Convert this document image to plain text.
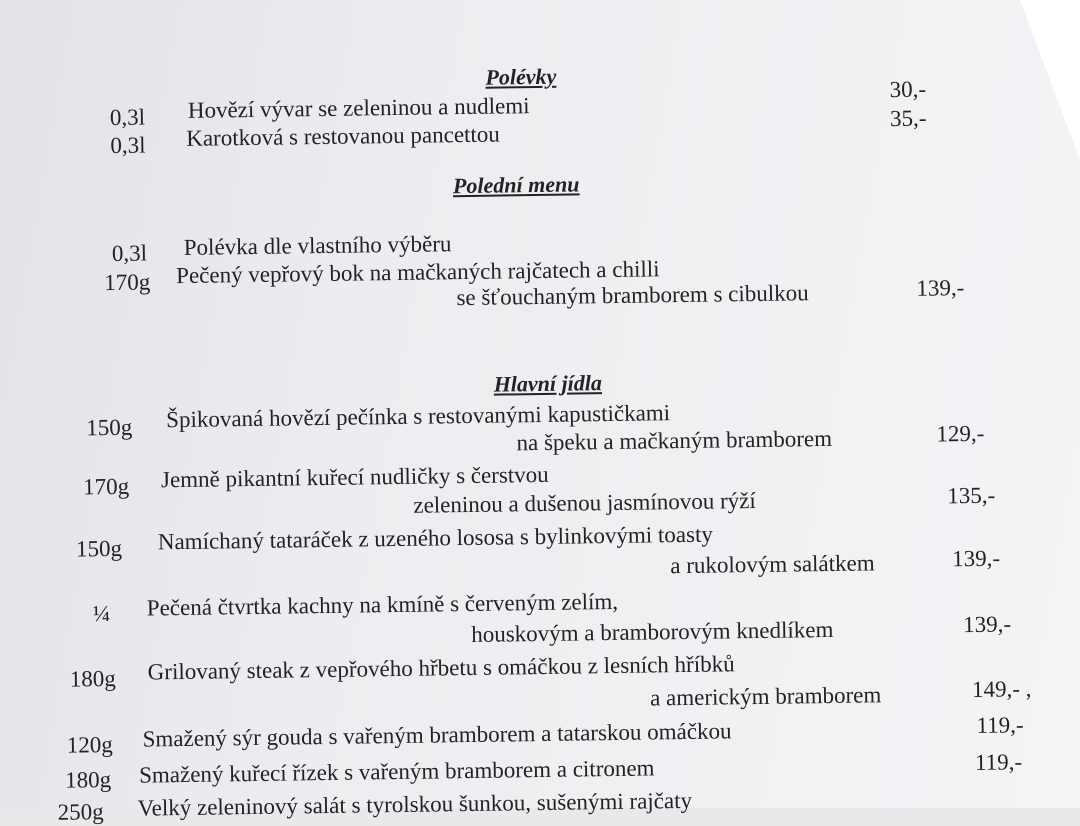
Polévky
0,3l Hovězí vývar se zeleninou a nudlemi
30,-
0,3l Karotková s restovanou pancettou
35,-
Polední menu
0,3l Polévka dle vlastního výběru
170g Pečený vepřový bok na mačkaných rajčatech a chilli
se šťouchaným bramborem s cibulkou	139,-
Hlavní jídla
150g Špikovaná hovězí pečínka s restovanými kapustičkami
na špeku a mačkaným bramborem	129,-
170g Jemně pikantní kuřecí nudličky s čerstvou
zeleninou a dušenou jasmínovou rýží	135,-
150g Namíchaný tataráček z uzeného lososa s bylinkovými toasty
a rukolovým salátkem	139,-
¼ Pečená čtvrtka kachny na kmíně s červeným zelím,
houskovým a bramborovým knedlíkem	139,-
180g Grilovaný steak z vepřového hřbetu s omáčkou z lesních hříbků
a americkým bramborem	149,- ,
120g Smažený sýr gouda s vařeným bramborem a tatarskou omáčkou	119,-
180g Smažený kuřecí řízek s vařeným bramborem a citronem	119,-
250g Velký zeleninový salát s tyrolskou šunkou, sušenými rajčaty
